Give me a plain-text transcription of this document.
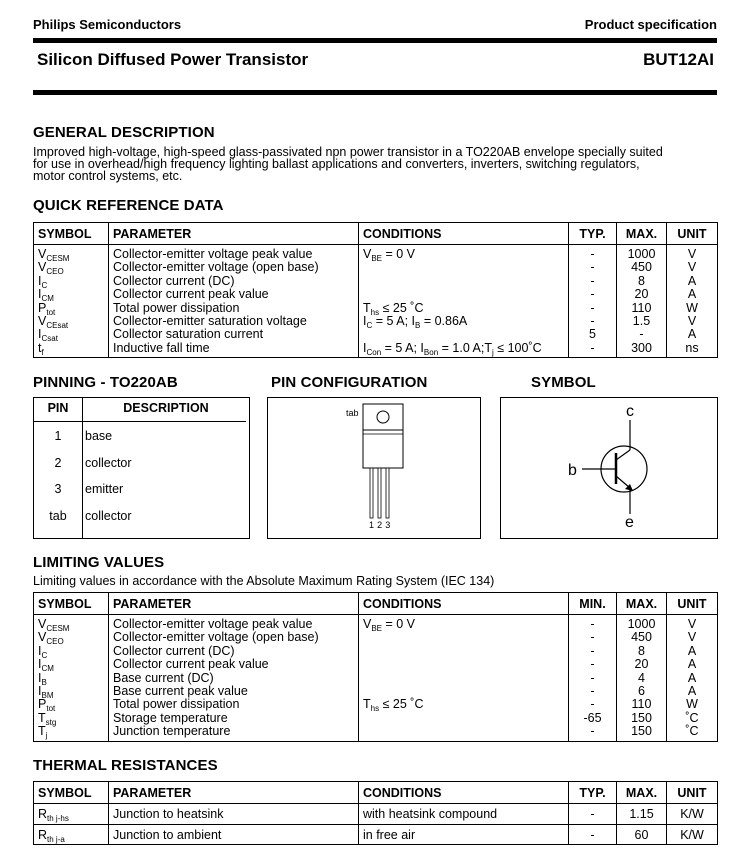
Philips Semiconductors	Product specification
Silicon Diffused Power Transistor	BUT12AI
GENERAL DESCRIPTION
Improved high-voltage, high-speed glass-passivated npn power transistor in a TO220AB envelope specially suited
for use in overhead/high frequency lighting ballast applications and converters, inverters, switching regulators,
motor control systems, etc.
QUICK REFERENCE DATA
SYMBOL	PARAMETER	CONDITIONS	TYP.	MAX.	UNIT
$V_{CESM}$	Collector-emitter voltage peak value	$V_{BE} = 0$ V	-	1000	V
$V_{CEO}$	Collector-emitter voltage (open base)		-	450	V
$I_C$	Collector current (DC)		-	8	A
$I_{CM}$	Collector current peak value		-	20	A
$P_{tot}$	Total power dissipation	$T_{hs} \le 25$ ˚C	-	110	W
$V_{CEsat}$	Collector-emitter saturation voltage	$I_C = 5$ A; $I_B = 0.86A$	-	1.5	V
$I_{Csat}$	Collector saturation current		5	-	A
$t_f$	Inductive fall time	$I_{Con} = 5$ A; $I_{Bon} = 1.0$ $A;T_j$ ≤ 100˚C	-	300	ns
PINNING - TO220AB
PIN	DESCRIPTION
1	base
2	collector
3	emitter
tab	collector
PIN CONFIGURATION
tab
1 2 3
SYMBOL
c
b
e
LIMITING VALUES
Limiting values in accordance with the Absolute Maximum Rating System (IEC 134)
SYMBOL	PARAMETER	CONDITIONS	MIN.	MAX.	UNIT
$V_{CESM}$	Collector-emitter voltage peak value	$V_{BE} = 0$ V	-	1000	V
$V_{CEO}$	Collector-emitter voltage (open base)		-	450	V
$I_C$	Collector current (DC)		-	8	A
$I_{CM}$	Collector current peak value		-	20	A
$I_B$	Base current (DC)		-	4	A
$I_{BM}$	Base current peak value		-	6	A
$P_{tot}$	Total power dissipation	$T_{hs} \le 25$ ˚C	-	110	W
$T_{stg}$	Storage temperature		-65	150	˚C
$T_j$	Junction temperature		-	150	˚C
THERMAL RESISTANCES
SYMBOL	PARAMETER	CONDITIONS	TYP.	MAX.	UNIT
$R_{th j-hs}$	Junction to heatsink	with heatsink compound	-	1.15	K/W
$R_{th j-a}$	Junction to ambient	in free air	-	60	K/W
